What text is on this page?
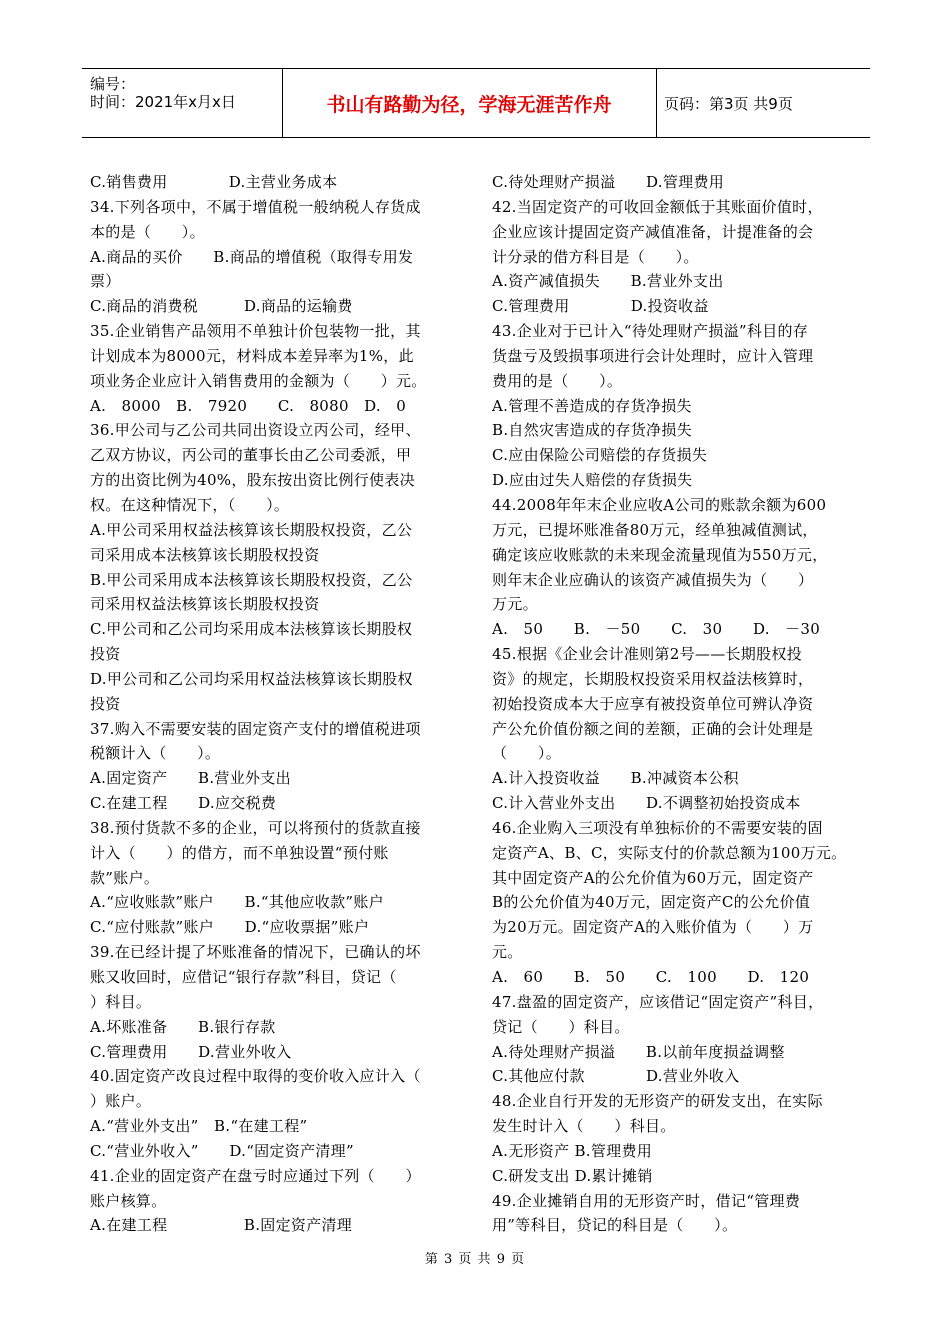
编号：
时间：2021年x月x日	书山有路勤为径，学海无涯苦作舟	页码：第3页 共9页
C.销售费用　　　　D.主营业务成本
34.下列各项中，不属于增值税一般纳税人存货成
本的是（　　）。
A.商品的买价　　B.商品的增值税（取得专用发
票）
C.商品的消费税　　　D.商品的运输费
35.企业销售产品领用不单独计价包装物一批，其
计划成本为8000元，材料成本差异率为1%，此
项业务企业应计入销售费用的金额为（　　）元。
A.　8000　B.　7920　　C.　8080　D.　0
36.甲公司与乙公司共同出资设立丙公司，经甲、
乙双方协议，丙公司的董事长由乙公司委派，甲
方的出资比例为40%，股东按出资比例行使表决
权。在这种情况下，（　　）。
A.甲公司采用权益法核算该长期股权投资，乙公
司采用成本法核算该长期股权投资
B.甲公司采用成本法核算该长期股权投资，乙公
司采用权益法核算该长期股权投资
C.甲公司和乙公司均采用成本法核算该长期股权
投资
D.甲公司和乙公司均采用权益法核算该长期股权
投资
37.购入不需要安装的固定资产支付的增值税进项
税额计入（　　）。
A.固定资产　　B.营业外支出
C.在建工程　　D.应交税费
38.预付货款不多的企业，可以将预付的货款直接
计入（　　）的借方，而不单独设置“预付账
款”账户。
A.“应收账款”账户　　B.“其他应收款”账户
C.“应付账款”账户　　D.“应收票据”账户
39.在已经计提了坏账准备的情况下，已确认的坏
账又收回时，应借记“银行存款”科目，贷记（
）科目。
A.坏账准备　　B.银行存款
C.管理费用　　D.营业外收入
40.固定资产改良过程中取得的变价收入应计入（
）账户。
A.“营业外支出”　B.“在建工程”
C.“营业外收入”　　D.“固定资产清理”
41.企业的固定资产在盘亏时应通过下列（　　）
账户核算。
A.在建工程　　　　　B.固定资产清理
C.待处理财产损溢　　D.管理费用
42.当固定资产的可收回金额低于其账面价值时，
企业应该计提固定资产减值准备，计提准备的会
计分录的借方科目是（　　）。
A.资产减值损失　　B.营业外支出
C.管理费用　　　　D.投资收益
43.企业对于已计入“待处理财产损溢”科目的存
货盘亏及毁损事项进行会计处理时，应计入管理
费用的是（　　）。
A.管理不善造成的存货净损失
B.自然灾害造成的存货净损失
C.应由保险公司赔偿的存货损失
D.应由过失人赔偿的存货损失
44.2008年年末企业应收A公司的账款余额为600
万元，已提坏账准备80万元，经单独减值测试，
确定该应收账款的未来现金流量现值为550万元，
则年末企业应确认的该资产减值损失为（　　）
万元。
A.　50　　B.　－50　　C.　30　　D.　－30
45.根据《企业会计准则第2号——长期股权投
资》的规定，长期股权投资采用权益法核算时，
初始投资成本大于应享有被投资单位可辨认净资
产公允价值份额之间的差额，正确的会计处理是
（　　）。
A.计入投资收益　　B.冲减资本公积
C.计入营业外支出　　D.不调整初始投资成本
46.企业购入三项没有单独标价的不需要安装的固
定资产A、B、C，实际支付的价款总额为100万元。
其中固定资产A的公允价值为60万元，固定资产
B的公允价值为40万元，固定资产C的公允价值
为20万元。固定资产A的入账价值为（　　）万
元。
A.　60　　B.　50　　C.　100　　D.　120
47.盘盈的固定资产，应该借记“固定资产”科目，
贷记（　　）科目。
A.待处理财产损溢　　B.以前年度损益调整
C.其他应付款　　　　D.营业外收入
48.企业自行开发的无形资产的研发支出，在实际
发生时计入（　　）科目。
A.无形资产 B.管理费用
C.研发支出 D.累计摊销
49.企业摊销自用的无形资产时，借记“管理费
用”等科目，贷记的科目是（　　）。
第 3 页 共 9 页
